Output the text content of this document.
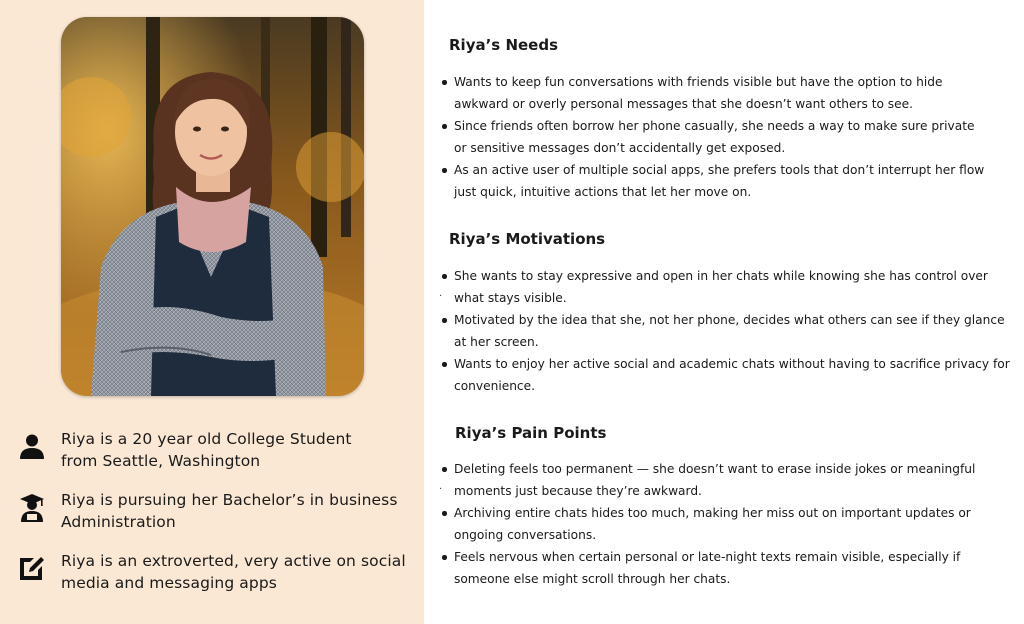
Riya is a 20 year old College Student
from Seattle, Washington
Riya is pursuing her Bachelor’s in business
Administration
Riya is an extroverted, very active on social
media and messaging apps
Riya’s Needs
Wants to keep fun conversations with friends visible but have the option to hide
awkward or overly personal messages that she doesn’t want others to see.
Since friends often borrow her phone casually, she needs a way to make sure private
or sensitive messages don’t accidentally get exposed.
As an active user of multiple social apps, she prefers tools that don’t interrupt her flow
just quick, intuitive actions that let her move on.
Riya’s Motivations
She wants to stay expressive and open in her chats while knowing she has control over
what stays visible.
Motivated by the idea that she, not her phone, decides what others can see if they glance
at her screen.
Wants to enjoy her active social and academic chats without having to sacrifice privacy for
convenience.
.
Riya’s Pain Points
Deleting feels too permanent — she doesn’t want to erase inside jokes or meaningful
moments just because they’re awkward.
Archiving entire chats hides too much, making her miss out on important updates or
ongoing conversations.
Feels nervous when certain personal or late-night texts remain visible, especially if
someone else might scroll through her chats.
.
